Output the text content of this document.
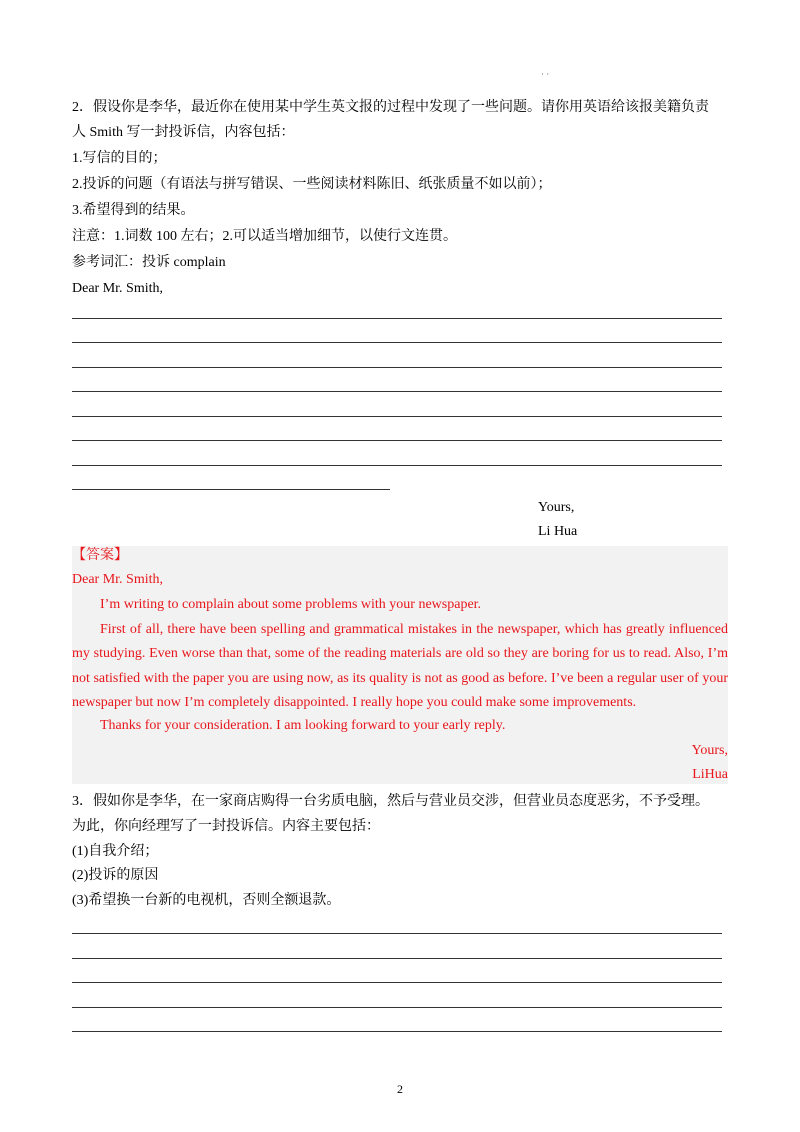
· ·
2．假设你是李华，最近你在使用某中学生英文报的过程中发现了一些问题。请你用英语给该报美籍负责
人 Smith 写一封投诉信，内容包括：
1.写信的目的；
2.投诉的问题（有语法与拼写错误、一些阅读材料陈旧、纸张质量不如以前）；
3.希望得到的结果。
注意：1.词数 100 左右；2.可以适当增加细节，以使行文连贯。
参考词汇：投诉 complain
Dear Mr. Smith,
Yours,
Li Hua
【答案】
Dear Mr. Smith,
I’m writing to complain about some problems with your newspaper.
First of all, there have been spelling and grammatical mistakes in the newspaper, which has greatly influenced my studying. Even worse than that, some of the reading materials are old so they are boring for us to read. Also, I’m not satisfied with the paper you are using now, as its quality is not as good as before. I’ve been a regular user of your newspaper but now I’m completely disappointed. I really hope you could make some improvements.
Thanks for your consideration. I am looking forward to your early reply.
Yours,
LiHua
3．假如你是李华，在一家商店购得一台劣质电脑，然后与营业员交涉，但营业员态度恶劣，不予受理。
为此，你向经理写了一封投诉信。内容主要包括：
(1)自我介绍；
(2)投诉的原因
(3)希望换一台新的电视机，否则全额退款。
2
